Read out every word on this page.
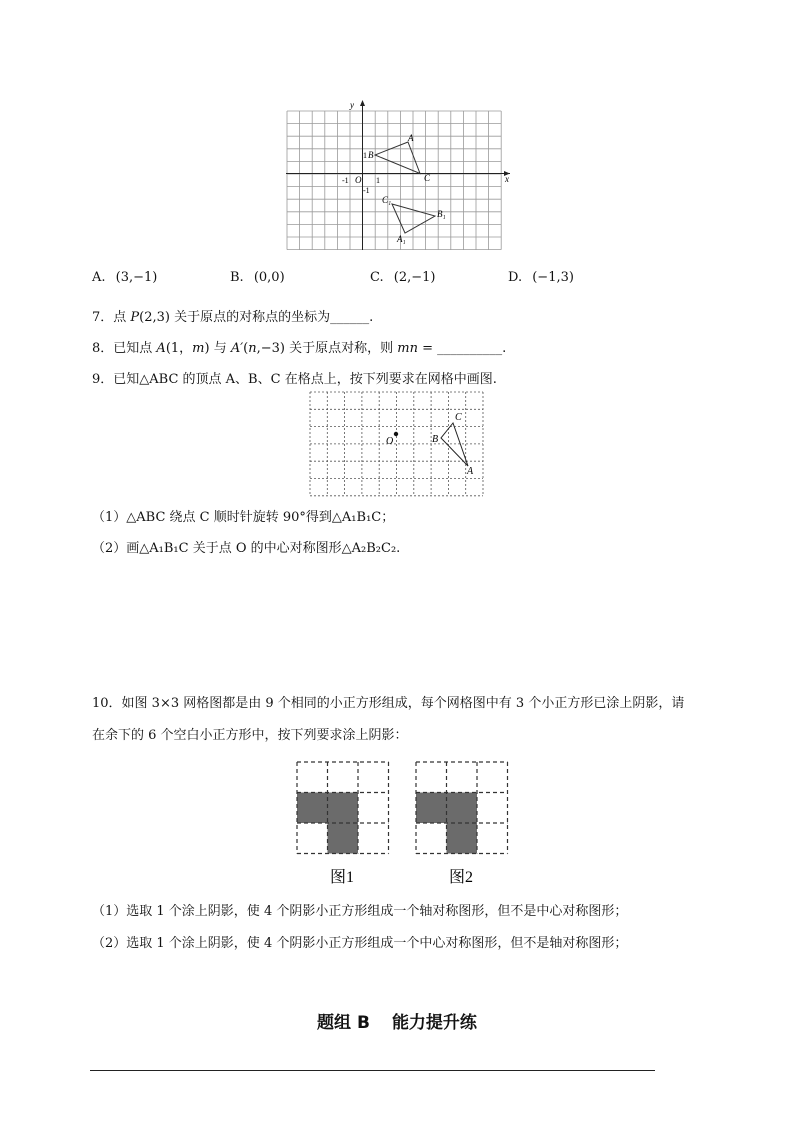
y
x
O
-1	1
1
-1
A
B
C
C₁
B₁
A₁
A. (3,−1)	B. (0,0)	C. (2,−1)	D. (−1,3)
7．点 P(2,3) 关于原点的对称点的坐标为______.
8．已知点 A(1，m) 与 A′(n,−3) 关于原点对称，则 mn = __________.
9．已知△ABC 的顶点 A、B、C 在格点上，按下列要求在网格中画图.
O	B
C
A
（1）△ABC 绕点 C 顺时针旋转 90°得到△A₁B₁C；
（2）画△A₁B₁C 关于点 O 的中心对称图形△A₂B₂C₂.
10．如图 3×3 网格图都是由 9 个相同的小正方形组成，每个网格图中有 3 个小正方形已涂上阴影，请
在余下的 6 个空白小正方形中，按下列要求涂上阴影：
图1	图2
（1）选取 1 个涂上阴影，使 4 个阴影小正方形组成一个轴对称图形，但不是中心对称图形；
（2）选取 1 个涂上阴影，使 4 个阴影小正方形组成一个中心对称图形，但不是轴对称图形；
题组 B 能力提升练
